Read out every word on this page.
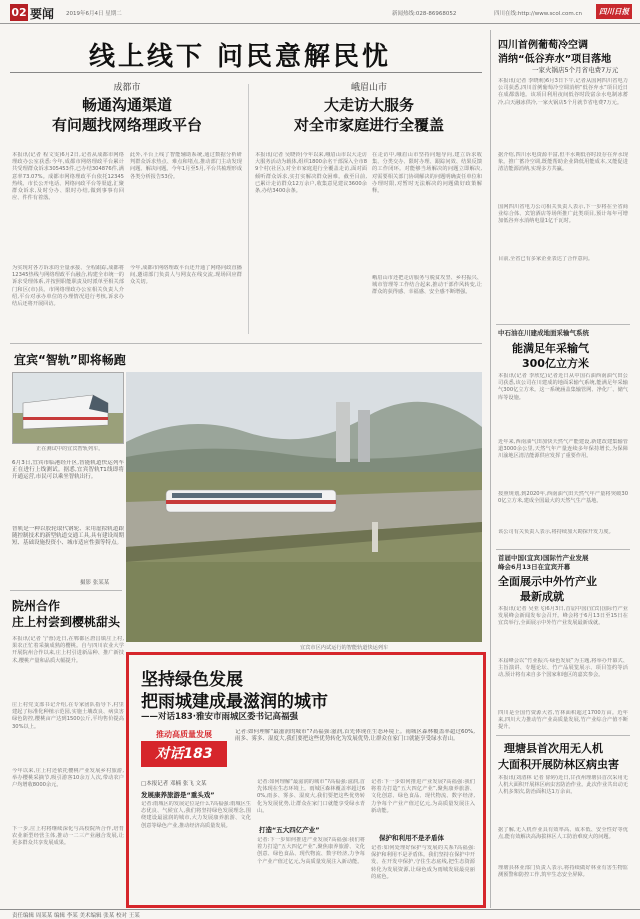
02 要闻 2019年6月4日 星期二	新闻热线:028-86968052	四川在线:http://www.scol.com.cn	四川日报
线上线下 问民意解民忧
成都市
畅通沟通渠道
有问题找网络理政平台
本报讯(记者 程文雯)6月2日,记者从成都市网络理政办公室获悉:今年,成都市网络理政平台累计共受理群众诉求305453件,已办结304876件,满意率73.07%。成都市网络理政平台依托12345热线、市长公开电话、网络问政平台等渠道,汇聚群众诉求,及时分办、限时办结,做到事事有回应、件件有着落。
此外,平台上线了智能辅助系统,通过数据分析研判群众诉求热点、难点和堵点,推动部门主动发现问题、解决问题。今年1月至5月,平台共梳理形成各类分析报告53份。
为实现对各方诉求的全量承接、全程跟踪,成都将12345热线与网络理政平台融合,构建全市统一的诉求受理体系,并按照职能职责及时派单至相关部门和区(市)县。市网络理政办公室相关负责人介绍,平台对承办单位的办理情况进行考核,诉求办结后还将开展回访。
今年,成都市网络理政平台还开通了网络问政直播间,邀请部门负责人与网友在线交流,现场回应群众关切。
峨眉山市
大走访大服务
对全市家庭进行全覆盖
本报讯(记者 吴晓铃)今年以来,峨眉山市以大走访大服务活动为载体,组织1800余名干部深入全市89个村(社区),对全市家庭进行全覆盖走访,面对面倾听群众诉求,实打实解决群众困难。截至目前,已累计走访群众12万余户,收集意见建议3600余条,办结3400余条。
在走访中,峨眉山市坚持问题导向,建立诉求收集、分类交办、限时办理、跟踪问效、结果反馈的工作闭环。对能够当场解决的问题立即解决,对需要相关部门协调解决的问题明确责任单位和办理时限,对暂时无法解决的问题做好政策解释。
峨眉山市还把走访服务与脱贫攻坚、乡村振兴、城市管理等工作结合起来,推动干部作风转变,让群众的获得感、幸福感、安全感不断增强。
宜宾“智轨”即将畅跑
正在测试中的宜宾智轨列车。
6月3日,宜宾市临港经开区,智能轨道快运列车正在进行上线测试。据悉,宜宾智轨T1线即将开通运营,市民可以乘坐智轨出行。
智轨是一种以胶轮取代钢轮、采用虚拟轨道跟随控制技术的新型轨道交通工具,具有建设周期短、基础设施投资小、城市适应性强等特点。
摄影 张某某
宜宾市区内试运行的智能轨道快运列车
院州合作
庄上村尝到樱桃甜头
本报讯(记者 宁蓉)近日,在郫都区唐昌镇庄上村,果农正忙着采摘成熟的樱桃。自与四川农业大学开展院州合作以来,庄上村引进新品种、推广新技术,樱桃产量和品质大幅提升。
庄上村党支部书记介绍,在专家团队指导下,村里建起了标准化种植示范园,实施土壤改良、病虫害绿色防控,樱桃亩产达到1500公斤,平均售价提高30%以上。
今年以来,庄上村还依托樱桃产业发展乡村旅游,举办樱桃采摘节,吸引游客10余万人次,带动农户户均增收8000余元。
下一步,庄上村将继续深化与高校院所合作,培育农业新型经营主体,推动一二三产业融合发展,让更多群众共享发展成果。
坚持绿色发展
把雨城建成最滋润的城市
——对话183·雅安市雨城区委书记高福强
推动高质量发展
对话183
记者:如何理解“最滋润的城市”?高福强:滋润,首先体现在生态环境上。雨城区森林覆盖率超过60%,雨多、雾多、湿度大,我们要把这些优势转化为发展优势,让群众在家门口就能享受绿水青山。
□本报记者 邓楠 张飞 文某
发展康养旅游是“重头戏”
记者:雨城区的发展定位是什么?高福强:雨城区生态优良、气候宜人,我们将坚持绿色发展理念,围绕建设最滋润的城市,大力发展康养旅游、文化创意等绿色产业,推动经济高质量发展。
打造“五大四亿产业”
记者:如何理解“最滋润的城市”?高福强:滋润,首先体现在生态环境上。雨城区森林覆盖率超过60%,雨多、雾多、湿度大,我们要把这些优势转化为发展优势,让群众在家门口就能享受绿水青山。
记者:下一步如何推进产业发展?高福强:我们将着力打造“五大四亿产业”,聚焦康养旅游、文化创意、绿色食品、现代物流、数字经济,力争每个产业产值过亿元,为高质量发展注入新动能。
记者:下一步如何推进产业发展?高福强:我们将着力打造“五大四亿产业”,聚焦康养旅游、文化创意、绿色食品、现代物流、数字经济,力争每个产业产值过亿元,为高质量发展注入新动能。
保护和利用不是矛盾体
记者:如何处理好保护与发展的关系?高福强:保护和利用不是矛盾体。我们坚持在保护中开发、在开发中保护,守住生态底线,把生态资源转化为发展资源,让绿色成为雨城发展最亮丽的底色。
四川首例葡萄冷空调
消纳“低谷弃水”项目落地
一家火锅店5个月省电费7万元
本报讯(记者 李晓莉)6月3日下午,记者从国网四川省电力公司获悉,四川首例葡萄冷空调消纳“低谷弃水”项目近日在成都落地。该项目利用夜间低谷时段富余水电制冰蓄冷,白天融冰供冷,一家火锅店5个月就节省电费7万元。
据介绍,四川水电资源丰富,但丰水期低谷时段存在弃水现象。推广蓄冷空调,既能帮助企业降低用能成本,又能促进清洁能源消纳,实现多方共赢。
国网四川省电力公司相关负责人表示,下一步将在全省商业综合体、宾馆酒店等场所推广此类项目,预计每年可增加低谷弃水消纳电量1亿千瓦时。
目前,全省已有多家企业表达了合作意向。
中石油在川建成地面采输气系统
能满足年采输气
300亿立方米
本报讯(记者 李欣忆)记者近日从中国石油西南油气田公司获悉,该公司在川建成的地面采输气系统,能满足年采输气300亿立方米。这一系统涵盖集输管网、净化厂、储气库等设施。
近年来,西南油气田加快天然气产能建设,新建改建集输管道3000余公里,天然气年产量连续多年保持增长,为保障川渝地区清洁能源供应发挥了重要作用。
按照规划,到2020年,西南油气田天然气年产量将突破300亿立方米,建成全国最大的天然气生产基地。
该公司有关负责人表示,将持续加大勘探开发力度。
首届中国(宜宾)国际竹产业发展
峰会6月13日在宜宾开幕
全面展示中外竹产业
最新成就
本报讯(记者 吴亚飞)6月3日,首届中国(宜宾)国际竹产业发展峰会新闻发布会召开。峰会将于6月13日至15日在宜宾举行,全面展示中外竹产业发展最新成就。
本届峰会以“竹业振兴·绿色发展”为主题,将举办开幕式、主旨演讲、专题论坛、竹产品展览展示、项目签约等活动,预计将有来自多个国家和地区的嘉宾参会。
四川是全国竹资源大省,竹林面积超过1700万亩。近年来,四川大力推动竹产业高质量发展,竹产业综合产值不断提升。
理塘县首次用无人机
大面积开展防林区病虫害
本报讯(刘清林 记者 徐婷)近日,甘孜州理塘县首次采用无人机大面积开展林区病虫害防治作业。此次作业共出动无人机多架次,防治面积达1万余亩。
据了解,无人机作业具有效率高、成本低、安全性好等优点,能有效解决高海拔林区人工防治难度大的问题。
理塘县林业部门负责人表示,将持续做好林业有害生物监测预警和防控工作,筑牢生态安全屏障。
责任编辑 周某某 编辑 李某 美术编辑 张某 校对 王某
